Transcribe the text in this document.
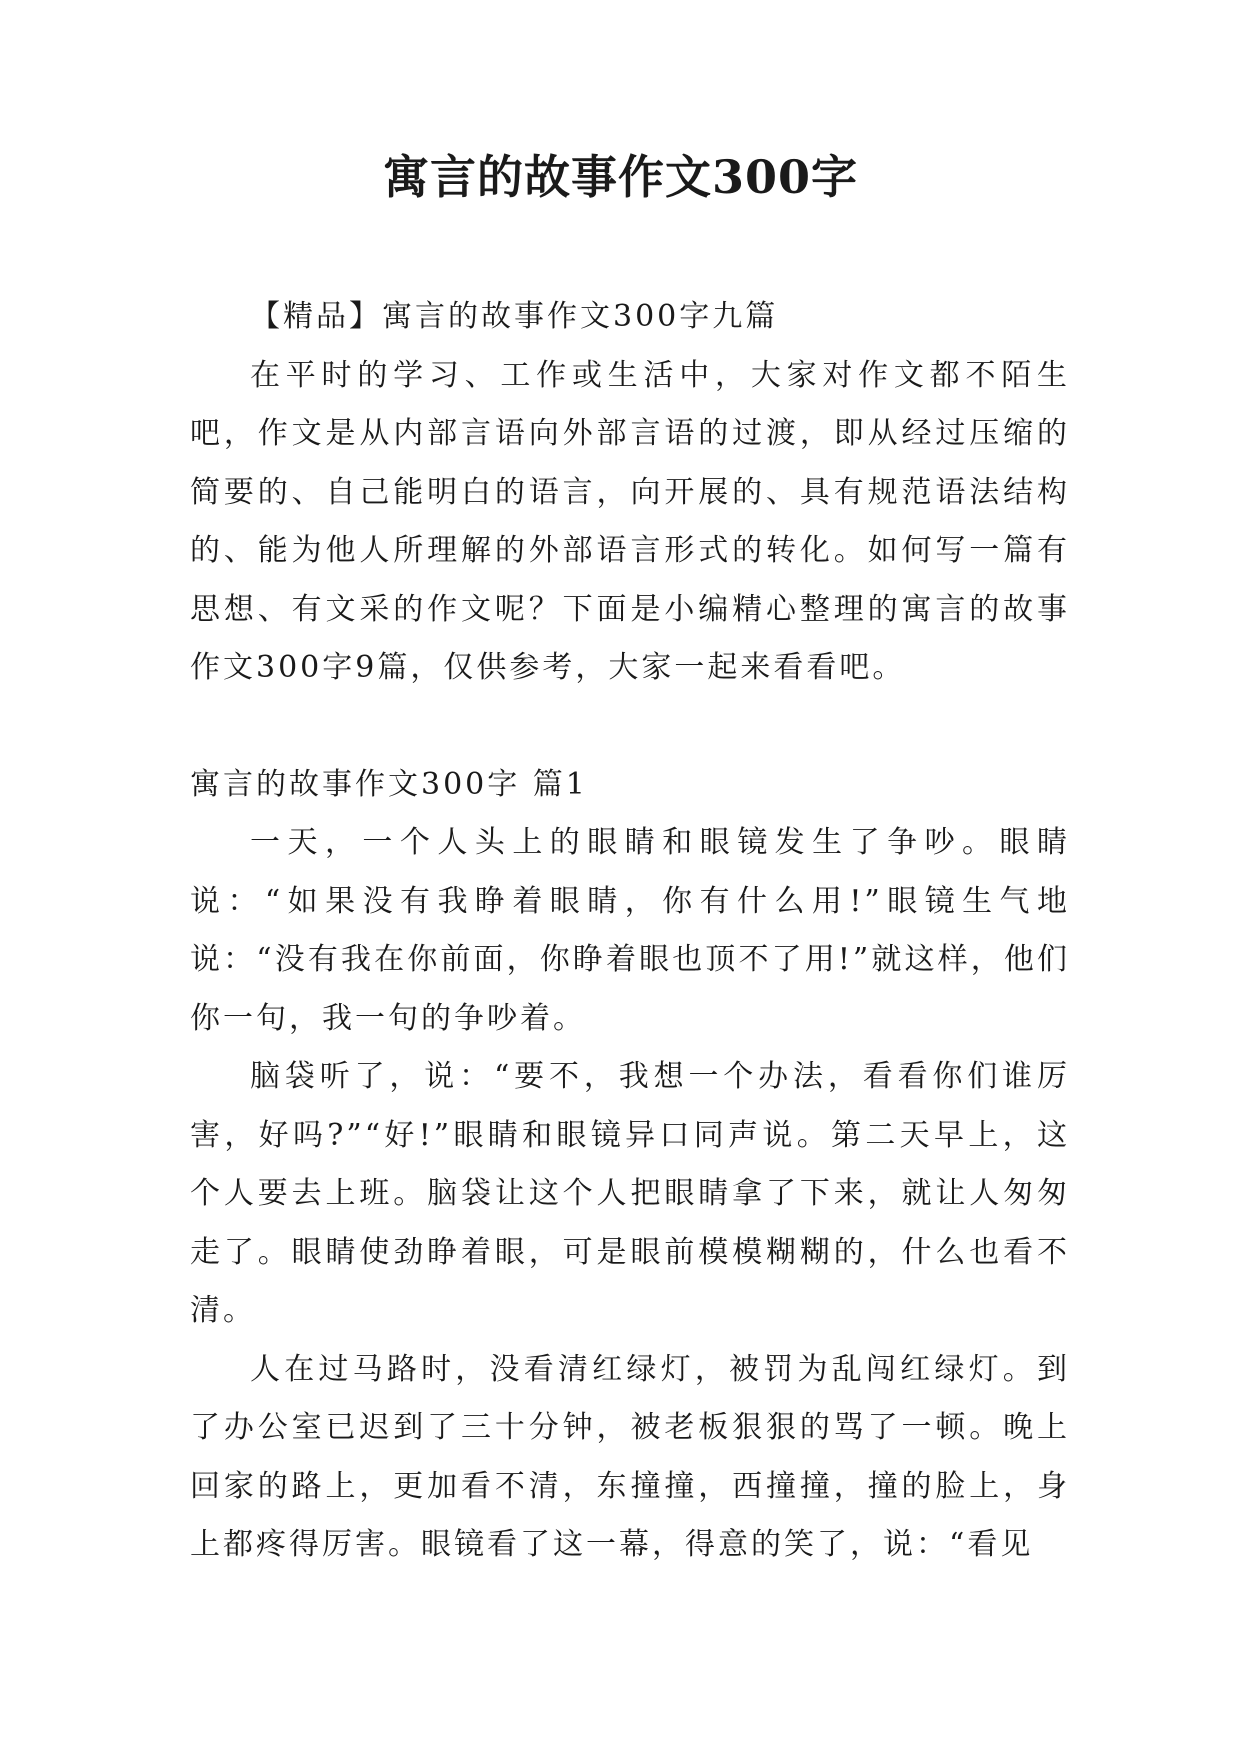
寓言的故事作文300字

【精品】寓言的故事作文300字九篇

在平时的学习、工作或生活中，大家对作文都不陌生吧，作文是从内部言语向外部言语的过渡，即从经过压缩的简要的、自己能明白的语言，向开展的、具有规范语法结构的、能为他人所理解的外部语言形式的转化。如何写一篇有思想、有文采的作文呢？下面是小编精心整理的寓言的故事作文300字9篇，仅供参考，大家一起来看看吧。

寓言的故事作文300字 篇1

一天，一个人头上的眼睛和眼镜发生了争吵。眼睛说：“如果没有我睁着眼睛，你有什么用!”眼镜生气地说：“没有我在你前面，你睁着眼也顶不了用!”就这样，他们你一句，我一句的争吵着。

脑袋听了，说：“要不，我想一个办法，看看你们谁厉害，好吗?”“好!”眼睛和眼镜异口同声说。第二天早上，这个人要去上班。脑袋让这个人把眼睛拿了下来，就让人匆匆走了。眼睛使劲睁着眼，可是眼前模模糊糊的，什么也看不清。

人在过马路时，没看清红绿灯，被罚为乱闯红绿灯。到了办公室已迟到了三十分钟，被老板狠狠的骂了一顿。晚上回家的路上，更加看不清，东撞撞，西撞撞，撞的脸上，身上都疼得厉害。眼镜看了这一幕，得意的笑了，说：“看见
